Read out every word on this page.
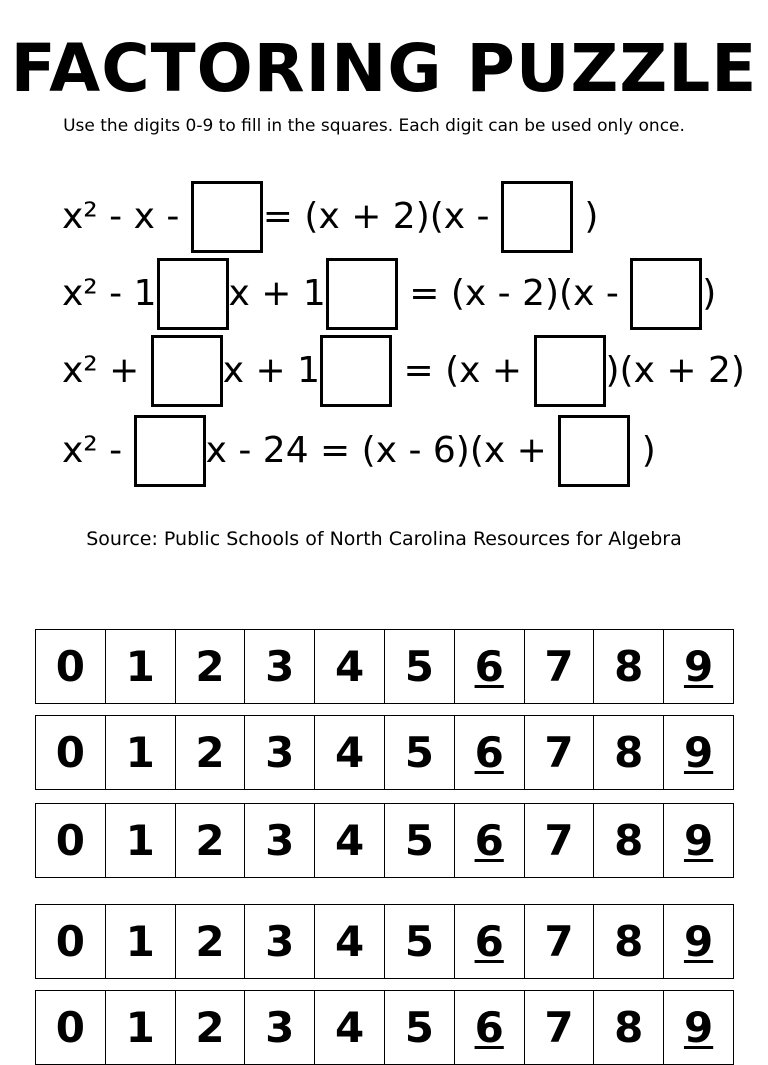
FACTORING PUZZLE
Use the digits 0-9 to fill in the squares. Each digit can be used only once.
x² - x - = (x + 2)(x - )
x² - 1 x + 1 = (x - 2)(x - )
x² + x + 1 = (x + )(x + 2)
x² - x - 24 = (x - 6)(x + )
Source: Public Schools of North Carolina Resources for Algebra
0 1 2 3 4 5 6 7 8 9
0 1 2 3 4 5 6 7 8 9
0 1 2 3 4 5 6 7 8 9
0 1 2 3 4 5 6 7 8 9
0 1 2 3 4 5 6 7 8 9
